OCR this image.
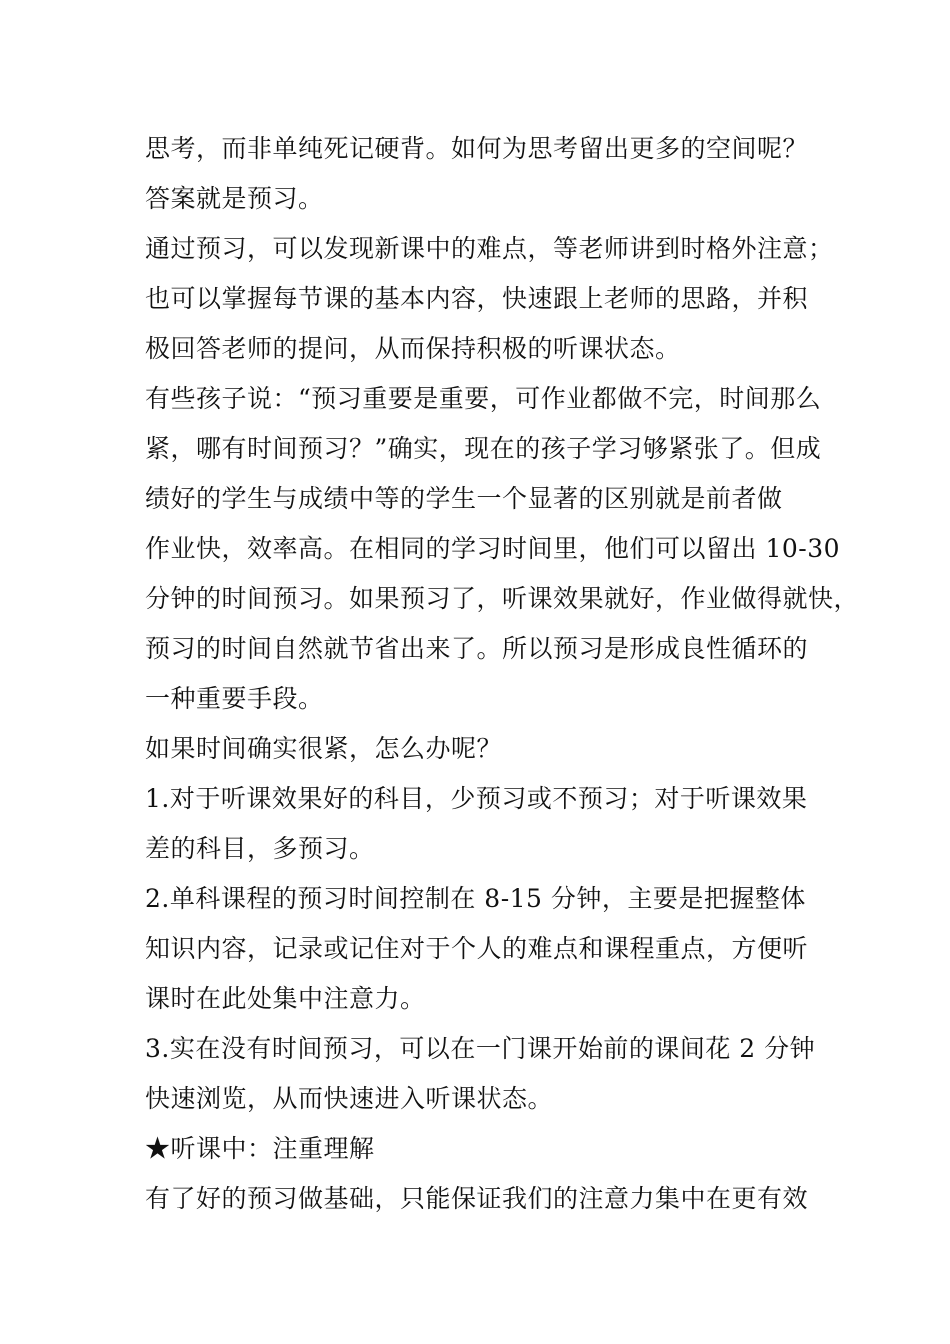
思考，而非单纯死记硬背。如何为思考留出更多的空间呢？
答案就是预习。
通过预习，可以发现新课中的难点，等老师讲到时格外注意；
也可以掌握每节课的基本内容，快速跟上老师的思路，并积
极回答老师的提问，从而保持积极的听课状态。
有些孩子说：“预习重要是重要，可作业都做不完，时间那么
紧，哪有时间预习？”确实，现在的孩子学习够紧张了。但成
绩好的学生与成绩中等的学生一个显著的区别就是前者做
作业快，效率高。在相同的学习时间里，他们可以留出 10-30
分钟的时间预习。如果预习了，听课效果就好，作业做得就快，
预习的时间自然就节省出来了。所以预习是形成良性循环的
一种重要手段。
如果时间确实很紧，怎么办呢？
1.对于听课效果好的科目，少预习或不预习；对于听课效果
差的科目，多预习。
2.单科课程的预习时间控制在 8-15 分钟，主要是把握整体
知识内容，记录或记住对于个人的难点和课程重点，方便听
课时在此处集中注意力。
3.实在没有时间预习，可以在一门课开始前的课间花 2 分钟
快速浏览，从而快速进入听课状态。
★听课中：注重理解
有了好的预习做基础，只能保证我们的注意力集中在更有效
